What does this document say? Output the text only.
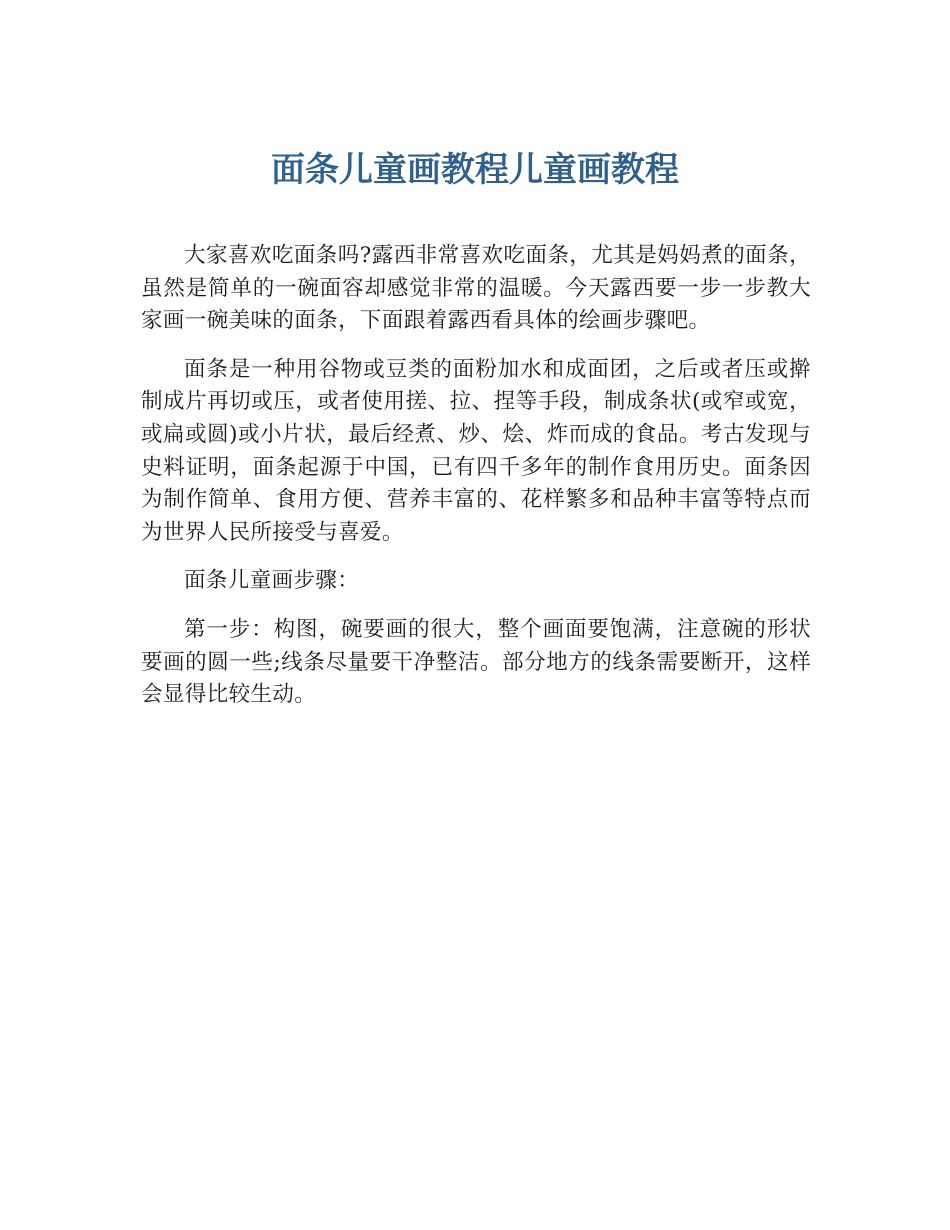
面条儿童画教程儿童画教程

大家喜欢吃面条吗?露西非常喜欢吃面条，尤其是妈妈煮的面条，虽然是简单的一碗面容却感觉非常的温暖。今天露西要一步一步教大家画一碗美味的面条，下面跟着露西看具体的绘画步骤吧。

面条是一种用谷物或豆类的面粉加水和成面团，之后或者压或擀制成片再切或压，或者使用搓、拉、捏等手段，制成条状(或窄或宽，或扁或圆)或小片状，最后经煮、炒、烩、炸而成的食品。考古发现与史料证明，面条起源于中国，已有四千多年的制作食用历史。面条因为制作简单、食用方便、营养丰富的、花样繁多和品种丰富等特点而为世界人民所接受与喜爱。

面条儿童画步骤：

第一步：构图，碗要画的很大，整个画面要饱满，注意碗的形状要画的圆一些;线条尽量要干净整洁。部分地方的线条需要断开，这样会显得比较生动。
